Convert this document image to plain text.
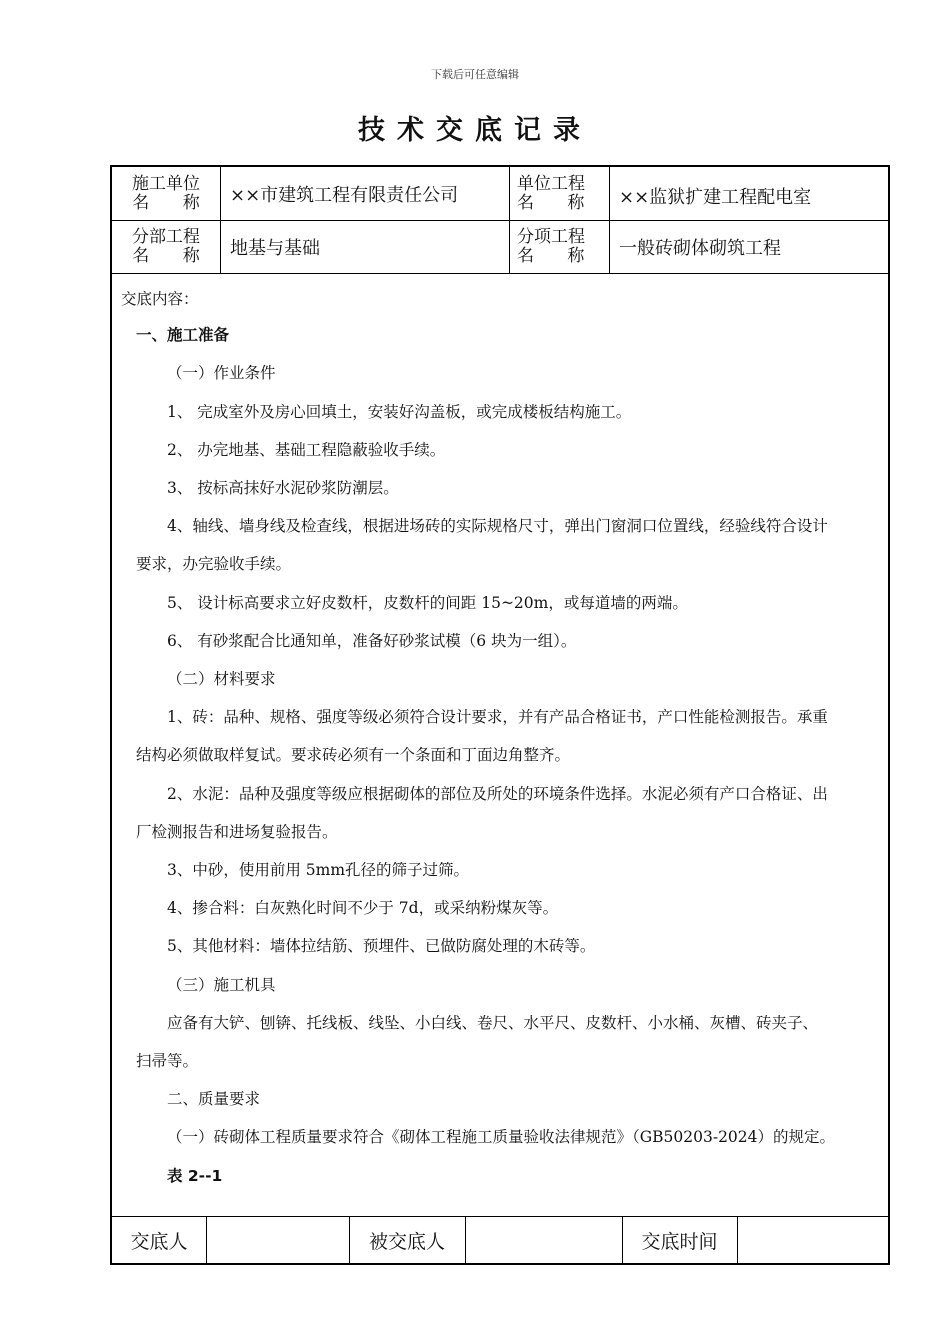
下载后可任意编辑
技术交底记录
施工单位
名 称 ××市建筑工程有限责任公司
单位工程
名 称 ××监狱扩建工程配电室
分部工程
名 称 地基与基础
分项工程
名 称 一般砖砌体砌筑工程
交底内容：
一、施工准备
（一）作业条件
1、 完成室外及房心回填土，安装好沟盖板，或完成楼板结构施工。
2、 办完地基、基础工程隐蔽验收手续。
3、 按标高抹好水泥砂浆防潮层。
4、轴线、墙身线及检查线，根据进场砖的实际规格尺寸，弹出门窗洞口位置线，经验线符合设计
要求，办完验收手续。
5、 设计标高要求立好皮数杆，皮数杆的间距 15~20m，或每道墙的两端。
6、 有砂浆配合比通知单，准备好砂浆试模（6 块为一组）。
（二）材料要求
1、砖：品种、规格、强度等级必须符合设计要求，并有产品合格证书，产口性能检测报告。承重
结构必须做取样复试。要求砖必须有一个条面和丁面边角整齐。
2、水泥：品种及强度等级应根据砌体的部位及所处的环境条件选择。水泥必须有产口合格证、出
厂检测报告和进场复验报告。
3、中砂，使用前用 5mm孔径的筛子过筛。
4、掺合料：白灰熟化时间不少于 7d，或采纳粉煤灰等。
5、其他材料：墙体拉结筋、预埋件、已做防腐处理的木砖等。
（三）施工机具
应备有大铲、刨锛、托线板、线坠、小白线、卷尺、水平尺、皮数杆、小水桶、灰槽、砖夹子、
扫帚等。
二、质量要求
（一）砖砌体工程质量要求符合《砌体工程施工质量验收法律规范》（GB50203-2024）的规定。
表 2--1
交底人	被交底人	交底时间
